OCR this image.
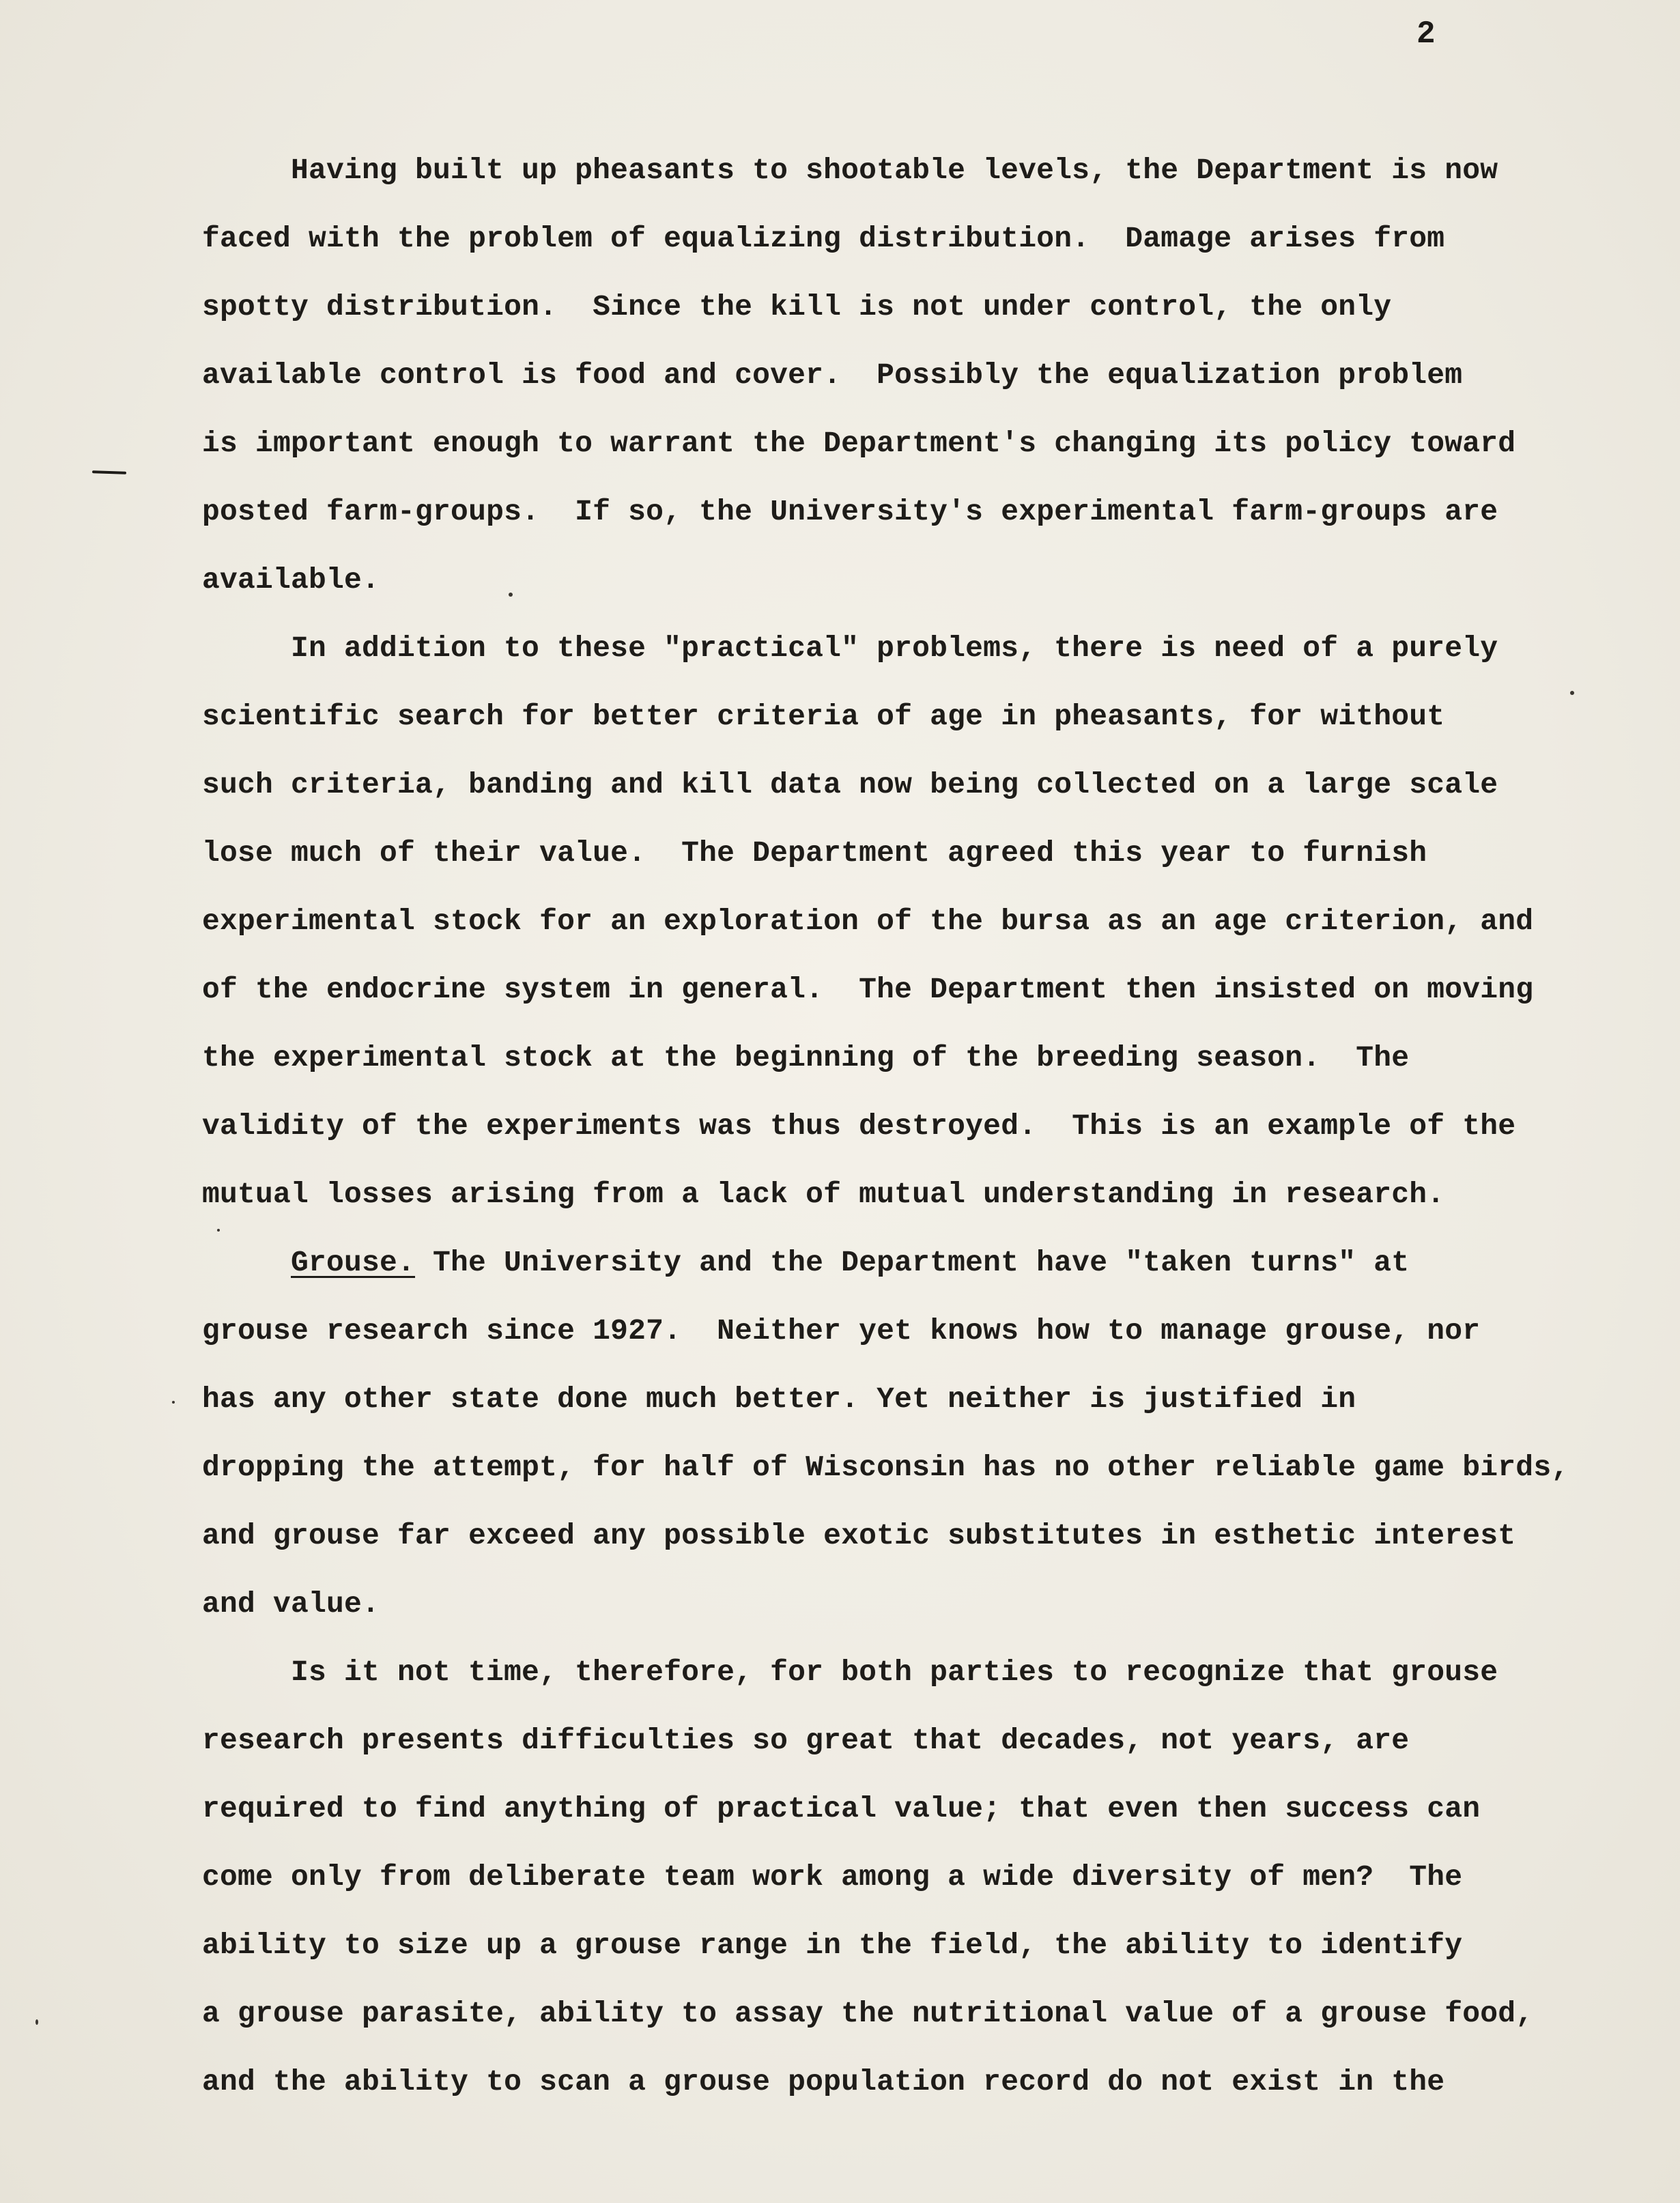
2
Having built up pheasants to shootable levels, the Department is now
faced with the problem of equalizing distribution.  Damage arises from
spotty distribution.  Since the kill is not under control, the only
available control is food and cover.  Possibly the equalization problem
is important enough to warrant the Department's changing its policy toward
posted farm-groups.  If so, the University's experimental farm-groups are
available.
In addition to these "practical" problems, there is need of a purely
scientific search for better criteria of age in pheasants, for without
such criteria, banding and kill data now being collected on a large scale
lose much of their value.  The Department agreed this year to furnish
experimental stock for an exploration of the bursa as an age criterion, and
of the endocrine system in general.  The Department then insisted on moving
the experimental stock at the beginning of the breeding season.  The
validity of the experiments was thus destroyed.  This is an example of the
mutual losses arising from a lack of mutual understanding in research.
Grouse. The University and the Department have "taken turns" at
grouse research since 1927.  Neither yet knows how to manage grouse, nor
has any other state done much better. Yet neither is justified in
dropping the attempt, for half of Wisconsin has no other reliable game birds,
and grouse far exceed any possible exotic substitutes in esthetic interest
and value.
Is it not time, therefore, for both parties to recognize that grouse
research presents difficulties so great that decades, not years, are
required to find anything of practical value; that even then success can
come only from deliberate team work among a wide diversity of men?  The
ability to size up a grouse range in the field, the ability to identify
a grouse parasite, ability to assay the nutritional value of a grouse food,
and the ability to scan a grouse population record do not exist in the
